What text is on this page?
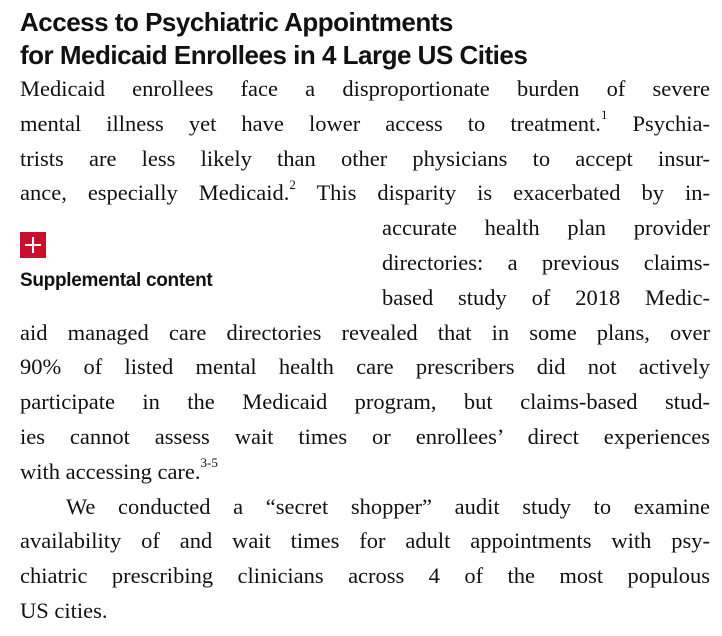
Access to Psychiatric Appointments
for Medicaid Enrollees in 4 Large US Cities
Medicaid enrollees face a disproportionate burden of severe
mental illness yet have lower access to treatment.$^1$ Psychia-
trists are less likely than other physicians to accept insur-
ance, especially Medicaid.$^2$ This disparity is exacerbated by in-
accurate health plan provider
directories: a previous claims-
based study of 2018 Medic-
aid managed care directories revealed that in some plans, over
90% of listed mental health care prescribers did not actively
participate in the Medicaid program, but claims-based stud-
ies cannot assess wait times or enrollees’ direct experiences
with accessing care.$^{3-5}$
We conducted a “secret shopper” audit study to examine
availability of and wait times for adult appointments with psy-
chiatric prescribing clinicians across 4 of the most populous
US cities.
Supplemental content
